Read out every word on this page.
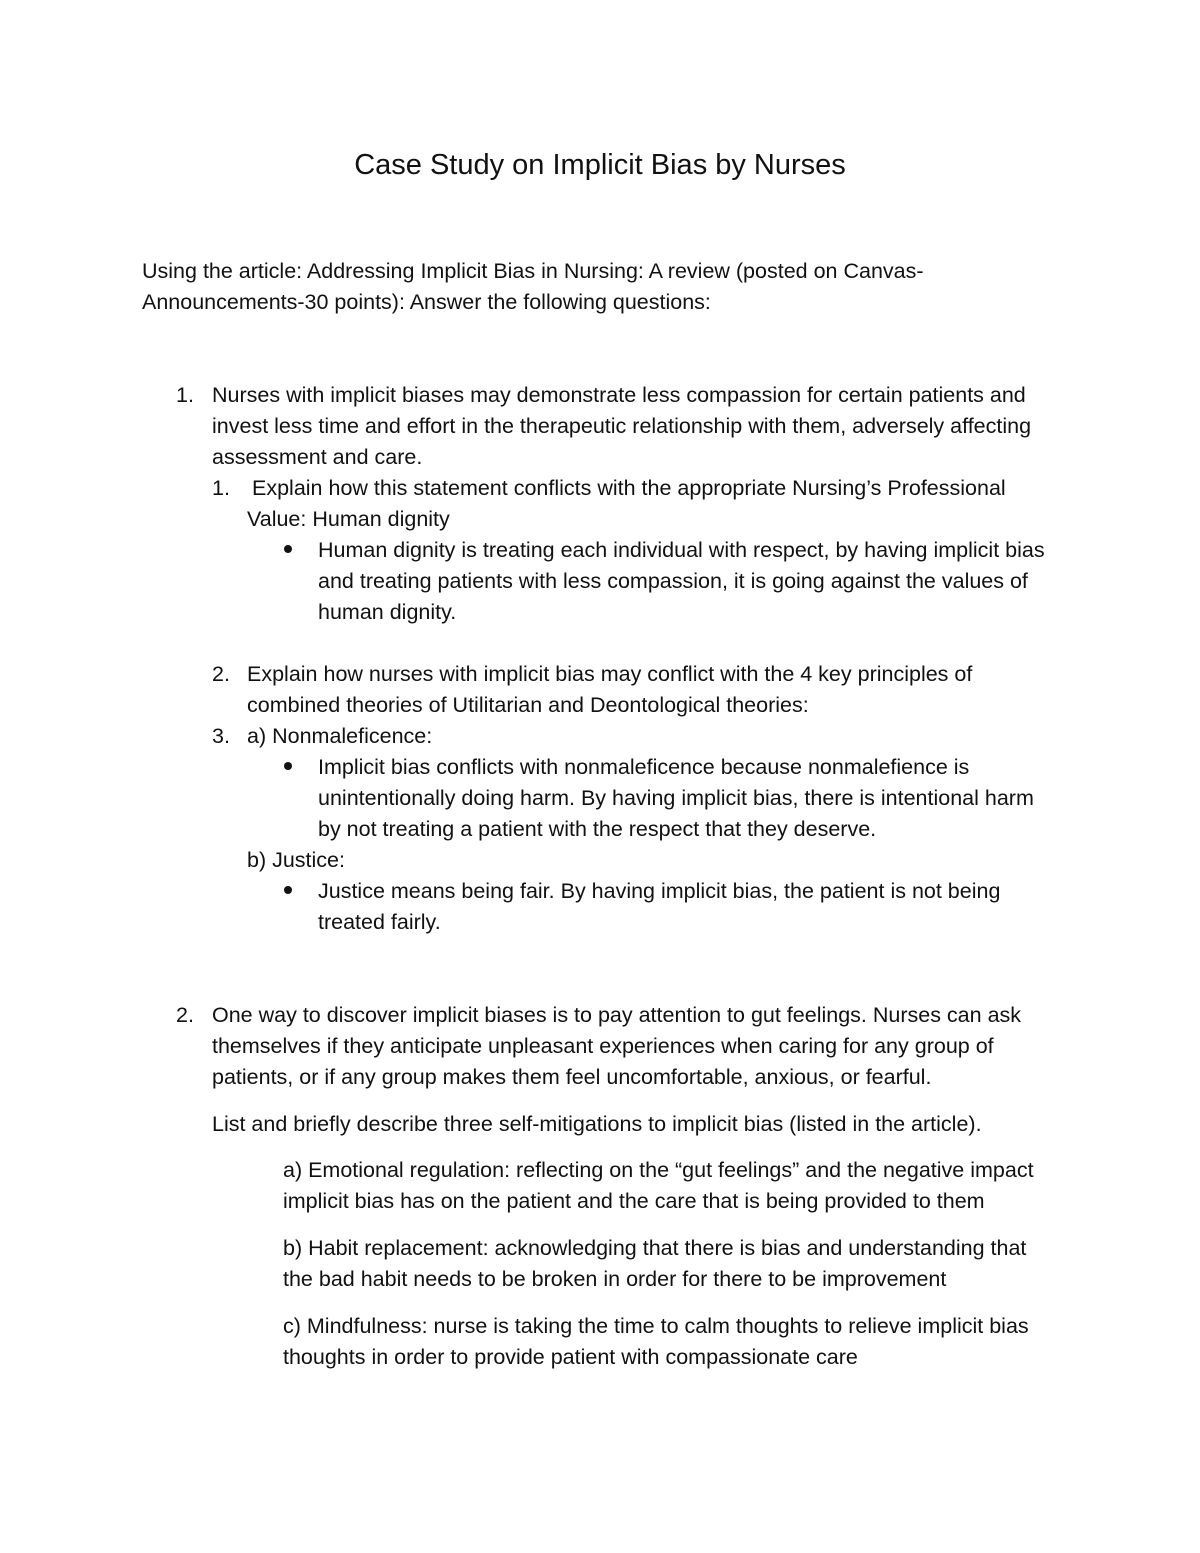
Case Study on Implicit Bias by Nurses
Using the article: Addressing Implicit Bias in Nursing: A review (posted on Canvas-
Announcements-30 points): Answer the following questions:
1. Nurses with implicit biases may demonstrate less compassion for certain patients and
invest less time and effort in the therapeutic relationship with them, adversely affecting
assessment and care.
1. Explain how this statement conflicts with the appropriate Nursing’s Professional
Value: Human dignity
Human dignity is treating each individual with respect, by having implicit bias
and treating patients with less compassion, it is going against the values of
human dignity.
2. Explain how nurses with implicit bias may conflict with the 4 key principles of
combined theories of Utilitarian and Deontological theories:
3. a) Nonmaleficence:
Implicit bias conflicts with nonmaleficence because nonmalefience is
unintentionally doing harm. By having implicit bias, there is intentional harm
by not treating a patient with the respect that they deserve.
b) Justice:
Justice means being fair. By having implicit bias, the patient is not being
treated fairly.
2. One way to discover implicit biases is to pay attention to gut feelings. Nurses can ask
themselves if they anticipate unpleasant experiences when caring for any group of
patients, or if any group makes them feel uncomfortable, anxious, or fearful.
List and briefly describe three self-mitigations to implicit bias (listed in the article).
a) Emotional regulation: reflecting on the “gut feelings” and the negative impact
implicit bias has on the patient and the care that is being provided to them
b) Habit replacement: acknowledging that there is bias and understanding that
the bad habit needs to be broken in order for there to be improvement
c) Mindfulness: nurse is taking the time to calm thoughts to relieve implicit bias
thoughts in order to provide patient with compassionate care
